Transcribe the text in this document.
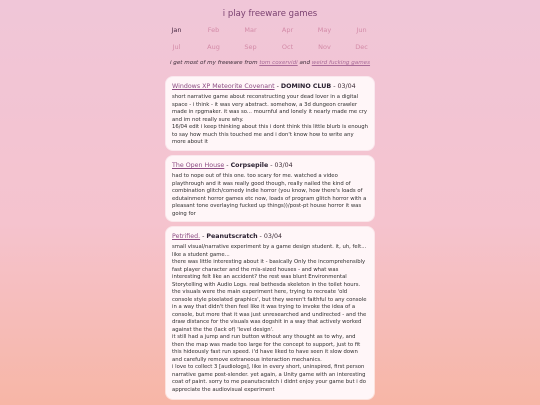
i play freeware games
Jan	Feb	Mar	Apr	May	Jun
Jul	Aug	Sep	Oct	Nov	Dec
i get most of my freeware from tom coxervidi and weird fucking games
Windows XP Meteorite Covenant - DOMINO CLUB - 03/04

short narrative game about reconstructing your dead lover in a digital space - i think - it was very abstract. somehow, a 3d dungeon crawler made in rpgmaker. it was so... mournful and lonely it nearly made me cry and im not really sure why.

16/04 edit i keep thinking about this i dont think this little blurb is enough to say how much this touched me and i don't know how to write any more about it

The Open House - Corpsepile - 03/04

had to nope out of this one. too scary for me. watched a video playthrough and it was really good though, really nailed the kind of combination glitch/comedy indie horror (you know, how there's loads of edutainment horror games etc now, loads of program glitch horror with a pleasant tone overlaying fucked up things))/post-pt house horror it was going for

Petrified. - Peanutscratch - 03/04

small visual/narrative experiment by a game design student. it, uh, felt... like a student game...

there was little interesting about it - basically Only the incomprehensibly fast player character and the mis-sized houses - and what was interesting felt like an accident? the rest was blunt Environmental Storytelling with Audio Logs. real bethesda skeleton in the toilet hours.

the visuals were the main experiment here, trying to recreate 'old console style pixelated graphics', but they weren't faithful to any console in a way that didn't then feel like it was trying to invoke the idea of a console, but more that it was just unresearched and undirected - and the draw distance for the visuals was dogshit in a way that actively worked against the the (lack of) 'level design'.

it still had a jump and run button without any thought as to why, and then the map was made too large for the concept to support, just to fit this hideously fast run speed. i'd have liked to have seen it slow down and carefully remove extraneous interaction mechanics.

i love to collect 3 [audiologs], like in every short, uninspired, first person narrative game post-slender. yet again, a Unity game with an interesting coat of paint. sorry to me peanutscratch i didnt enjoy your game but i do appreciate the audiovisual experiment
